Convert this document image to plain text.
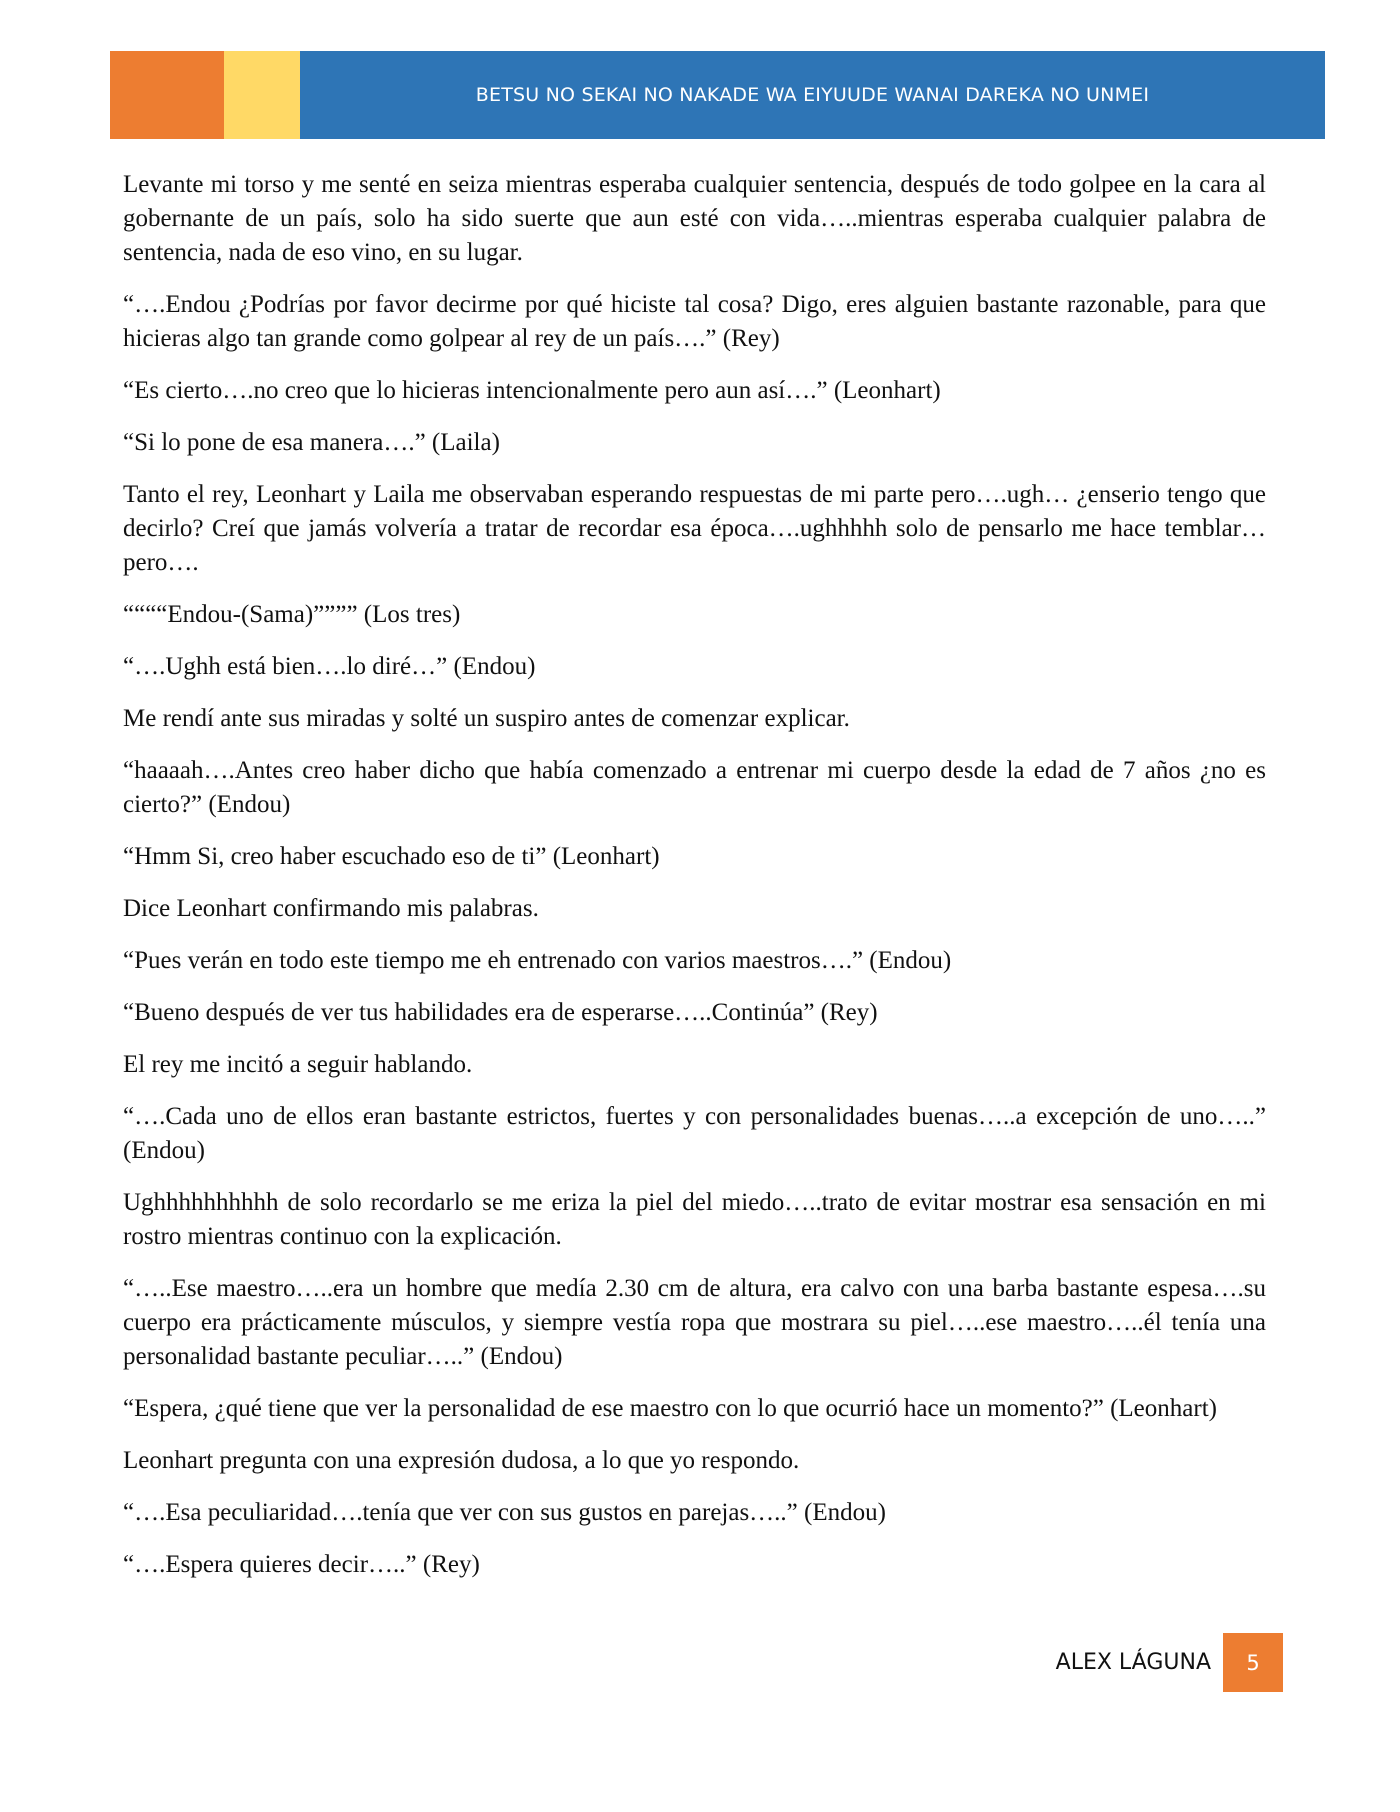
BETSU NO SEKAI NO NAKADE WA EIYUUDE WANAI DAREKA NO UNMEI

Levante mi torso y me senté en seiza mientras esperaba cualquier sentencia, después de todo golpee en la cara al gobernante de un país, solo ha sido suerte que aun esté con vida…..mientras esperaba cualquier palabra de sentencia, nada de eso vino, en su lugar.

“….Endou ¿Podrías por favor decirme por qué hiciste tal cosa? Digo, eres alguien bastante razonable, para que hicieras algo tan grande como golpear al rey de un país….” (Rey)

“Es cierto….no creo que lo hicieras intencionalmente pero aun así….” (Leonhart)

“Si lo pone de esa manera….” (Laila)

Tanto el rey, Leonhart y Laila me observaban esperando respuestas de mi parte pero….ugh… ¿enserio tengo que decirlo? Creí que jamás volvería a tratar de recordar esa época….ughhhhh solo de pensarlo me hace temblar…pero….

““““Endou-(Sama)”””” (Los tres)

“….Ughh está bien….lo diré…” (Endou)

Me rendí ante sus miradas y solté un suspiro antes de comenzar explicar.

“haaaah….Antes creo haber dicho que había comenzado a entrenar mi cuerpo desde la edad de 7 años ¿no es cierto?” (Endou)

“Hmm Si, creo haber escuchado eso de ti” (Leonhart)

Dice Leonhart confirmando mis palabras.

“Pues verán en todo este tiempo me eh entrenado con varios maestros….” (Endou)

“Bueno después de ver tus habilidades era de esperarse…..Continúa” (Rey)

El rey me incitó a seguir hablando.

“….Cada uno de ellos eran bastante estrictos, fuertes y con personalidades buenas…..a excepción de uno…..” (Endou)

Ughhhhhhhhhh de solo recordarlo se me eriza la piel del miedo…..trato de evitar mostrar esa sensación en mi rostro mientras continuo con la explicación.

“…..Ese maestro…..era un hombre que medía 2.30 cm de altura, era calvo con una barba bastante espesa….su cuerpo era prácticamente músculos, y siempre vestía ropa que mostrara su piel…..ese maestro…..él tenía una personalidad bastante peculiar…..” (Endou)

“Espera, ¿qué tiene que ver la personalidad de ese maestro con lo que ocurrió hace un momento?” (Leonhart)

Leonhart pregunta con una expresión dudosa, a lo que yo respondo.

“….Esa peculiaridad….tenía que ver con sus gustos en parejas…..” (Endou)

“….Espera quieres decir…..” (Rey)

ALEX LÁGUNA 5
